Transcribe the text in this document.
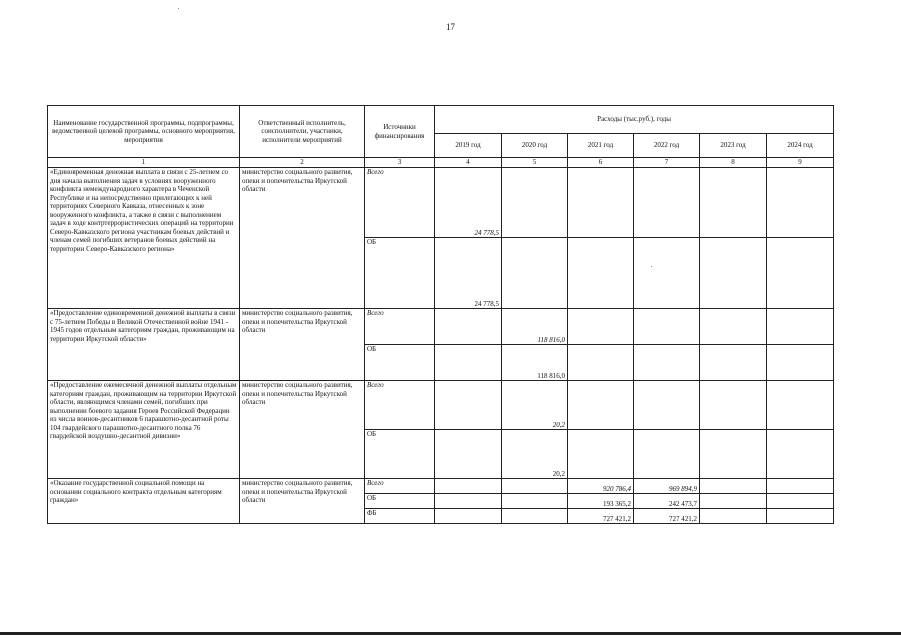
17
Наименование государственной программы, подпрограммы, ведомственной целевой программы, основного мероприятия, мероприятия	Ответственный исполнитель, соисполнители, участники, исполнители мероприятий	Источники финансирования	Расходы (тыс.руб.), годы					
			2019 год	2020 год	2021 год	2022 год	2023 год	2024 год
1	2	3	4	5	6	7	8	9
«Единовременная денежная выплата в связи с 25-летием со дня начала выполнения задач в условиях вооруженного конфликта немеждународного характера в Чеченской Республике и на непосредственно прилегающих к ней территориях Северного Кавказа, отнесенных к зоне вооруженного конфликта, а также в связи с выполнением задач в ходе контртеррористических операций на территории Северо-Кавказского региона участникам боевых действий и членам семей погибших ветеранов боевых действий на территории Северо-Кавказского региона»	министерство социального развития, опеки и попечительства Иркутской области	Всего	24 778,5					
		ОБ	24 778,5					
«Предоставление единовременной денежной выплаты в связи с 75-летием Победы в Великой Отечественной войне 1941 - 1945 годов отдельным категориям граждан, проживающим на территории Иркутской области»	министерство социального развития, опеки и попечительства Иркутской области	Всего		118 816,0				
		ОБ		118 816,0				
«Предоставление ежемесячной денежной выплаты отдельным категориям граждан, проживающим на территории Иркутской области, являющимся членами семей, погибших при выполнении боевого задания Героев Российской Федерации из числа воинов-десантников 6 парашютно-десантной роты 104 гвардейского парашютно-десантного полка 76 гвардейской воздушно-десантной дивизии»	министерство социального развития, опеки и попечительства Иркутской области	Всего		20,2				
		ОБ		20,2				
«Оказание государственной социальной помощи на основании социального контракта отдельным категориям граждан»	министерство социального развития, опеки и попечительства Иркутской области	Всего			920 786,4	969 894,9		
		ОБ			193 365,2	242 473,7		
		ФБ			727 421,2	727 421,2		
